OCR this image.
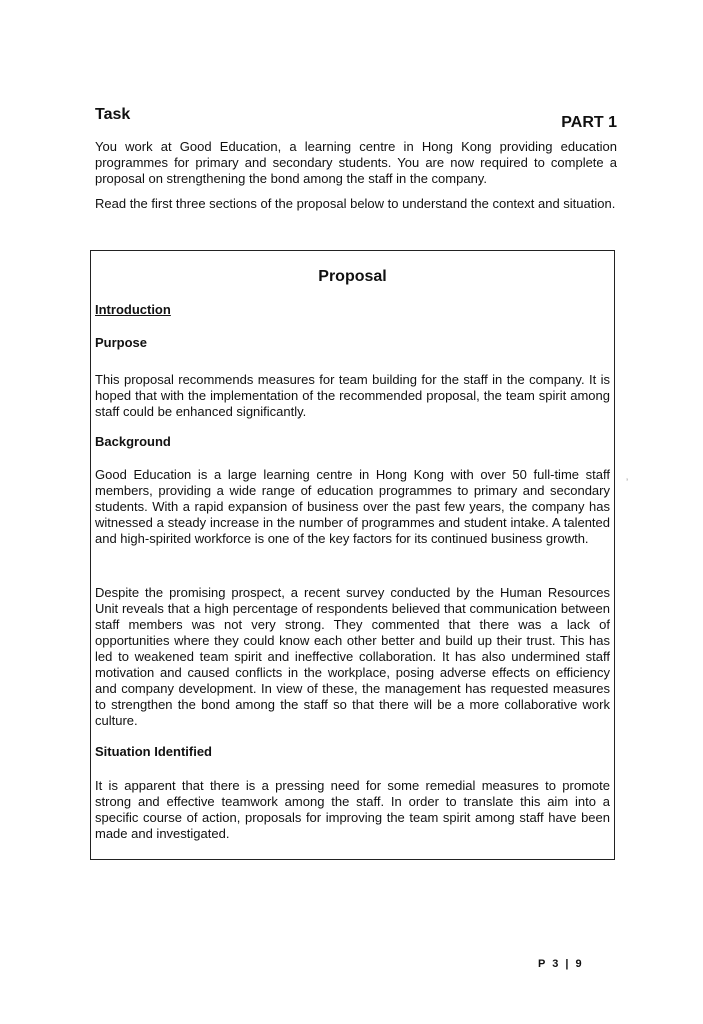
Task	PART 1

You work at Good Education, a learning centre in Hong Kong providing education programmes for primary and secondary students. You are now required to complete a proposal on strengthening the bond among the staff in the company.

Read the first three sections of the proposal below to understand the context and situation.

Proposal
Introduction
Purpose

This proposal recommends measures for team building for the staff in the company. It is hoped that with the implementation of the recommended proposal, the team spirit among staff could be enhanced significantly.

Background

Good Education is a large learning centre in Hong Kong with over 50 full-time staff members, providing a wide range of education programmes to primary and secondary students. With a rapid expansion of business over the past few years, the company has witnessed a steady increase in the number of programmes and student intake. A talented and high-spirited workforce is one of the key factors for its continued business growth.

Despite the promising prospect, a recent survey conducted by the Human Resources Unit reveals that a high percentage of respondents believed that communication between staff members was not very strong. They commented that there was a lack of opportunities where they could know each other better and build up their trust. This has led to weakened team spirit and ineffective collaboration. It has also undermined staff motivation and caused conflicts in the workplace, posing adverse effects on efficiency and company development. In view of these, the management has requested measures to strengthen the bond among the staff so that there will be a more collaborative work culture.

Situation Identified

It is apparent that there is a pressing need for some remedial measures to promote strong and effective teamwork among the staff. In order to translate this aim into a specific course of action, proposals for improving the team spirit among staff have been made and investigated.

ʼ
P 3 | 9
